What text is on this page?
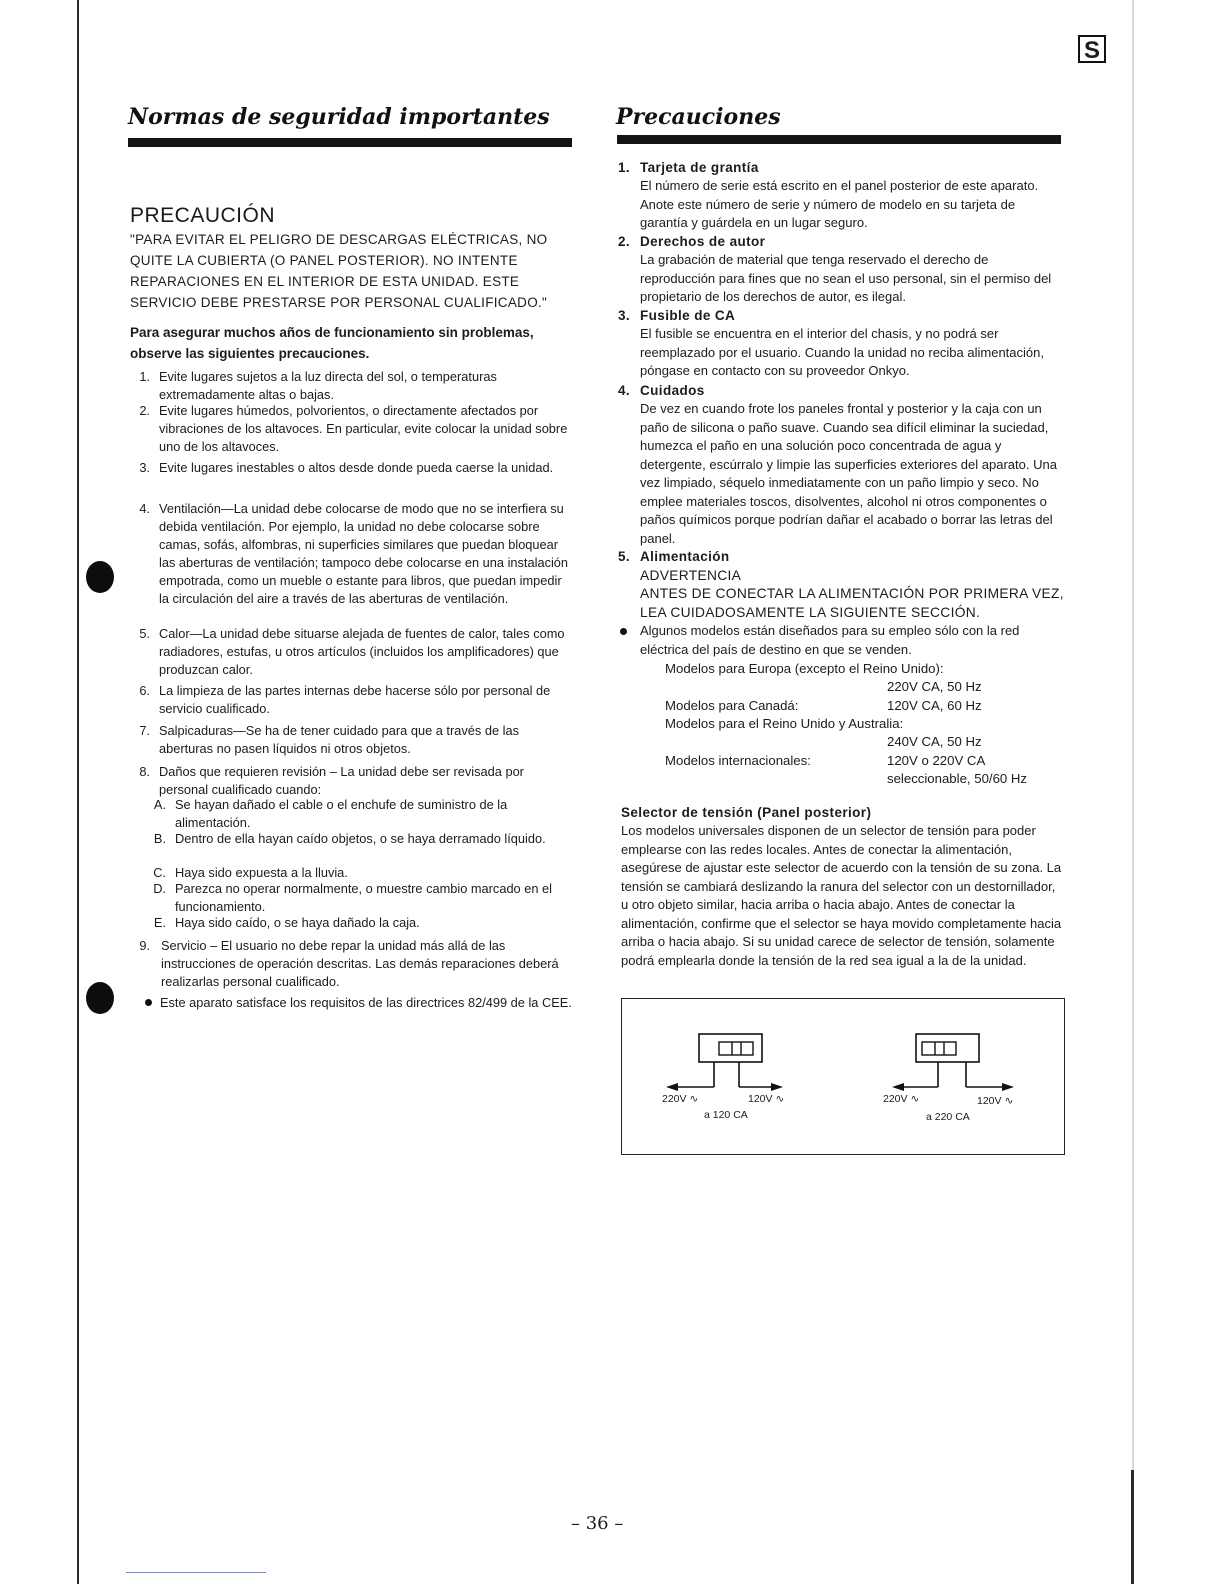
S
Normas de seguridad importantes
PRECAUCIÓN
"PARA EVITAR EL PELIGRO DE DESCARGAS ELÉCTRICAS, NO QUITE LA CUBIERTA (O PANEL POSTERIOR). NO INTENTE REPARACIONES EN EL INTERIOR DE ESTA UNIDAD. ESTE SERVICIO DEBE PRESTARSE POR PERSONAL CUALIFICADO."
Para asegurar muchos años de funcionamiento sin problemas, observe las siguientes precauciones.
1. Evite lugares sujetos a la luz directa del sol, o temperaturas extremadamente altas o bajas.
2. Evite lugares húmedos, polvorientos, o directamente afectados por vibraciones de los altavoces. En particular, evite colocar la unidad sobre uno de los altavoces.
3. Evite lugares inestables o altos desde donde pueda caerse la unidad.
4. Ventilación—La unidad debe colocarse de modo que no se interfiera su debida ventilación. Por ejemplo, la unidad no debe colocarse sobre camas, sofás, alfombras, ni superficies similares que puedan bloquear las aberturas de ventilación; tampoco debe colocarse en una instalación empotrada, como un mueble o estante para libros, que puedan impedir la circulación del aire a través de las aberturas de ventilación.
5. Calor—La unidad debe situarse alejada de fuentes de calor, tales como radiadores, estufas, u otros artículos (incluidos los amplificadores) que produzcan calor.
6. La limpieza de las partes internas debe hacerse sólo por personal de servicio cualificado.
7. Salpicaduras—Se ha de tener cuidado para que a través de las aberturas no pasen líquidos ni otros objetos.
8. Daños que requieren revisión – La unidad debe ser revisada por personal cualificado cuando:
A. Se hayan dañado el cable o el enchufe de suministro de la alimentación.
B. Dentro de ella hayan caído objetos, o se haya derramado líquido.
C. Haya sido expuesta a la lluvia.
D. Parezca no operar normalmente, o muestre cambio marcado en el funcionamiento.
E. Haya sido caído, o se haya dañado la caja.
9. Servicio – El usuario no debe repar la unidad más allá de las instrucciones de operación descritas. Las demás reparaciones deberá realizarlas personal cualificado.
Este aparato satisface los requisitos de las directrices 82/499 de la CEE.
Precauciones
1. Tarjeta de grantía
El número de serie está escrito en el panel posterior de este aparato. Anote este número de serie y número de modelo en su tarjeta de garantía y guárdela en un lugar seguro.
2. Derechos de autor
La grabación de material que tenga reservado el derecho de reproducción para fines que no sean el uso personal, sin el permiso del propietario de los derechos de autor, es ilegal.
3. Fusible de CA
El fusible se encuentra en el interior del chasis, y no podrá ser reemplazado por el usuario. Cuando la unidad no reciba alimentación, póngase en contacto con su proveedor Onkyo.
4. Cuidados
De vez en cuando frote los paneles frontal y posterior y la caja con un paño de silicona o paño suave. Cuando sea difícil eliminar la suciedad, humezca el paño en una solución poco concentrada de agua y detergente, escúrralo y limpie las superficies exteriores del aparato. Una vez limpiado, séquelo inmediatamente con un paño limpio y seco. No emplee materiales toscos, disolventes, alcohol ni otros componentes o paños químicos porque podrían dañar el acabado o borrar las letras del panel.
5. Alimentación
ADVERTENCIA
ANTES DE CONECTAR LA ALIMENTACIÓN POR PRIMERA VEZ, LEA CUIDADOSAMENTE LA SIGUIENTE SECCIÓN.
Algunos modelos están diseñados para su empleo sólo con la red eléctrica del país de destino en que se venden.
Modelos para Europa (excepto el Reino Unido):
220V CA, 50 Hz
Modelos para Canadá:	120V CA, 60 Hz
Modelos para el Reino Unido y Australia:
240V CA, 50 Hz
Modelos internacionales:	120V o 220V CA
seleccionable, 50/60 Hz
Selector de tensión (Panel posterior)
Los modelos universales disponen de un selector de tensión para poder emplearse con las redes locales. Antes de conectar la alimentación, asegúrese de ajustar este selector de acuerdo con la tensión de su zona. La tensión se cambiará deslizando la ranura del selector con un destornillador, u otro objeto similar, hacia arriba o hacia abajo. Antes de conectar la alimentación, confirme que el selector se haya movido completamente hacia arriba o hacia abajo. Si su unidad carece de selector de tensión, solamente podrá emplearla donde la tensión de la red sea igual a la de la unidad.
220V ∿	120V ∿
a 120 CA
220V ∿	120V ∿
a 220 CA
– 36 –
